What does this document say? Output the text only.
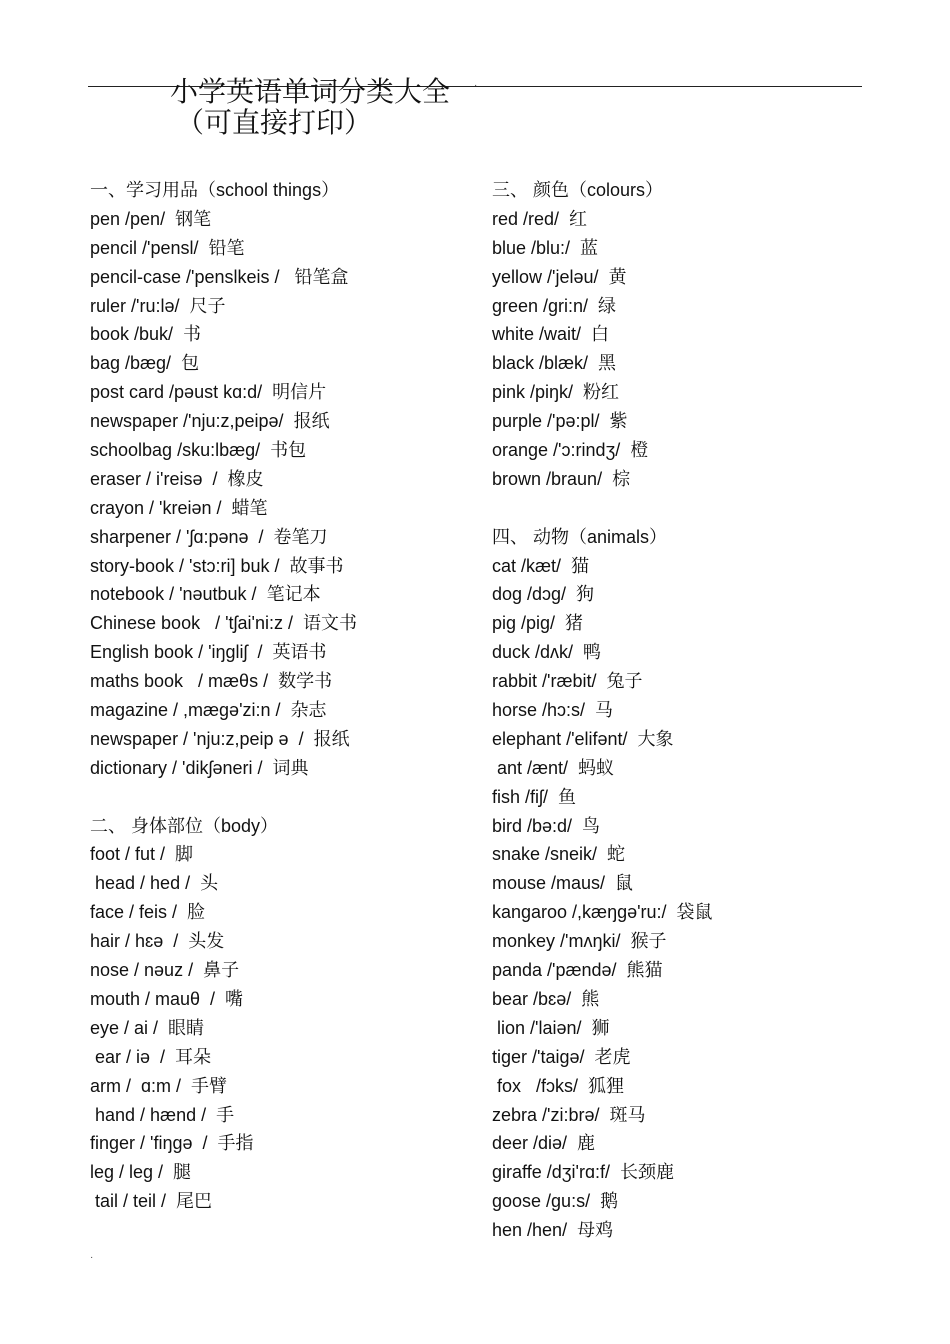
小学英语单词分类大全
（可直接打印）
·
一、学习用品（school things）
pen /pen/  钢笔
pencil /'pensl/  铅笔
pencil-case /'penslkeis /   铅笔盒
ruler /'ru:lə/  尺子
book /buk/  书
bag /bæg/  包
post card /pəust kɑ:d/  明信片
newspaper /'nju:z,peipə/  报纸
schoolbag /sku:lbæg/  书包
eraser / i'reisə  /  橡皮
crayon / 'kreiən /  蜡笔
sharpener / 'ʃɑ:pənə  /  卷笔刀
story-book / 'stɔ:ri] buk /  故事书
notebook / 'nəutbuk /  笔记本
Chinese book   / 'tʃai'ni:z /  语文书
English book / 'iŋgliʃ  /  英语书
maths book   / mæθs /  数学书
magazine / ,mægə'zi:n /  杂志
newspaper / 'nju:z,peip ə  /  报纸
dictionary / 'dikʃəneri /  词典
二、 身体部位（body）
foot / fut /  脚
head / hed /  头
face / feis /  脸
hair / hɛə  /  头发
nose / nəuz /  鼻子
mouth / mauθ  /  嘴
eye / ai /  眼睛
ear / iə  /  耳朵
arm /  ɑ:m /  手臂
hand / hænd /  手
finger / 'fiŋgə  /  手指
leg / leg /  腿
tail / teil /  尾巴
三、 颜色（colours）
red /red/  红
blue /blu:/  蓝
yellow /'jeləu/  黄
green /gri:n/  绿
white /wait/  白
black /blæk/  黑
pink /piŋk/  粉红
purple /'pə:pl/  紫
orange /'ɔ:rindʒ/  橙
brown /braun/  棕
四、 动物（animals）
cat /kæt/  猫
dog /dɔg/  狗
pig /pig/  猪
duck /dʌk/  鸭
rabbit /'ræbit/  兔子
horse /hɔ:s/  马
elephant /'elifənt/  大象
ant /ænt/  蚂蚁
fish /fiʃ/  鱼
bird /bə:d/  鸟
snake /sneik/  蛇
mouse /maus/  鼠
kangaroo /,kæŋgə'ru:/  袋鼠
monkey /'mʌŋki/  猴子
panda /'pændə/  熊猫
bear /bɛə/  熊
lion /'laiən/  狮
tiger /'taigə/  老虎
fox   /fɔks/  狐狸
zebra /'zi:brə/  斑马
deer /diə/  鹿
giraffe /dʒi'rɑ:f/  长颈鹿
goose /gu:s/  鹅
hen /hen/  母鸡
·
